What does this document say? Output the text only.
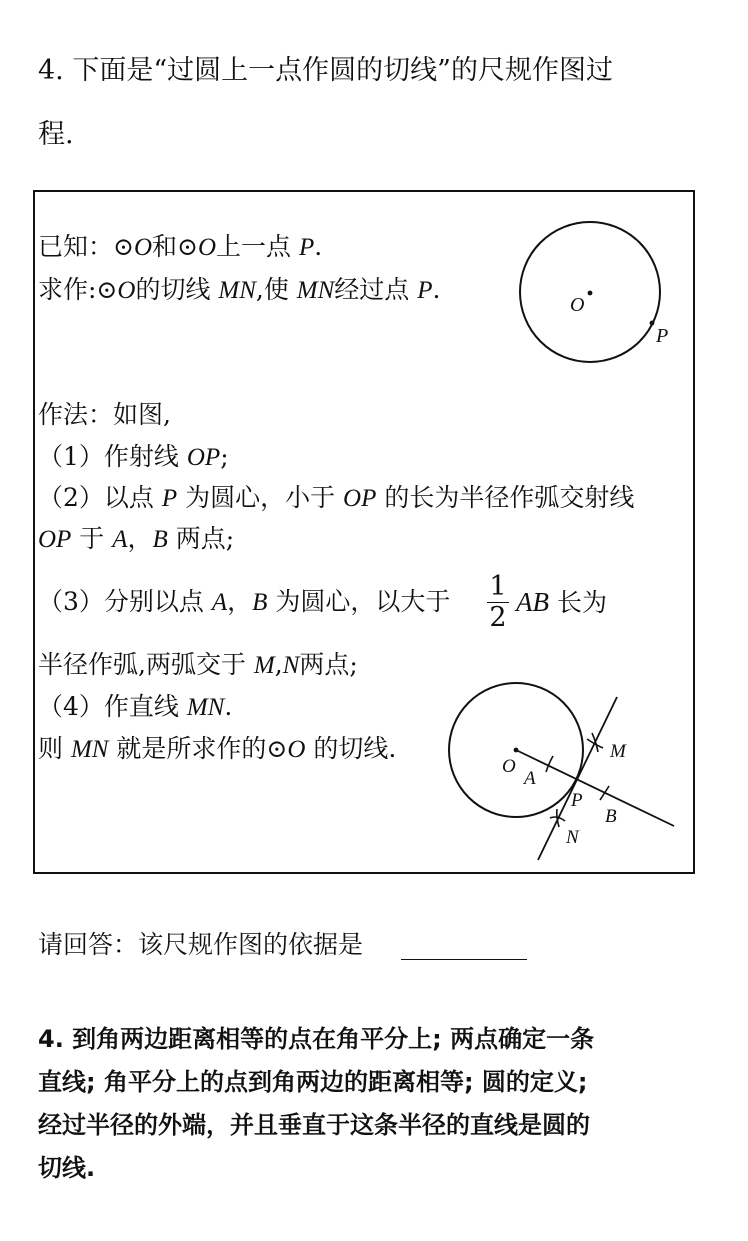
4. 下面是“过圆上一点作圆的切线”的尺规作图过
程.
已知：⊙O和⊙O上一点 P.
求作:⊙O的切线 MN,使 MN经过点 P.
O
P
作法：如图,
（1）作射线 OP;
（2）以点 P 为圆心，小于 OP 的长为半径作弧交射线
OP 于 A，B 两点;
（3）分别以点 A，B 为圆心，以大于 1
2 AB 长为
半径作弧,两弧交于 M,N两点;
（4）作直线 MN.
则 MN 就是所求作的⊙O 的切线.
O
A
P
B
M
N
请回答：该尺规作图的依据是
4. 到角两边距离相等的点在角平分上; 两点确定一条
直线; 角平分上的点到角两边的距离相等; 圆的定义;
经过半径的外端，并且垂直于这条半径的直线是圆的
切线.
